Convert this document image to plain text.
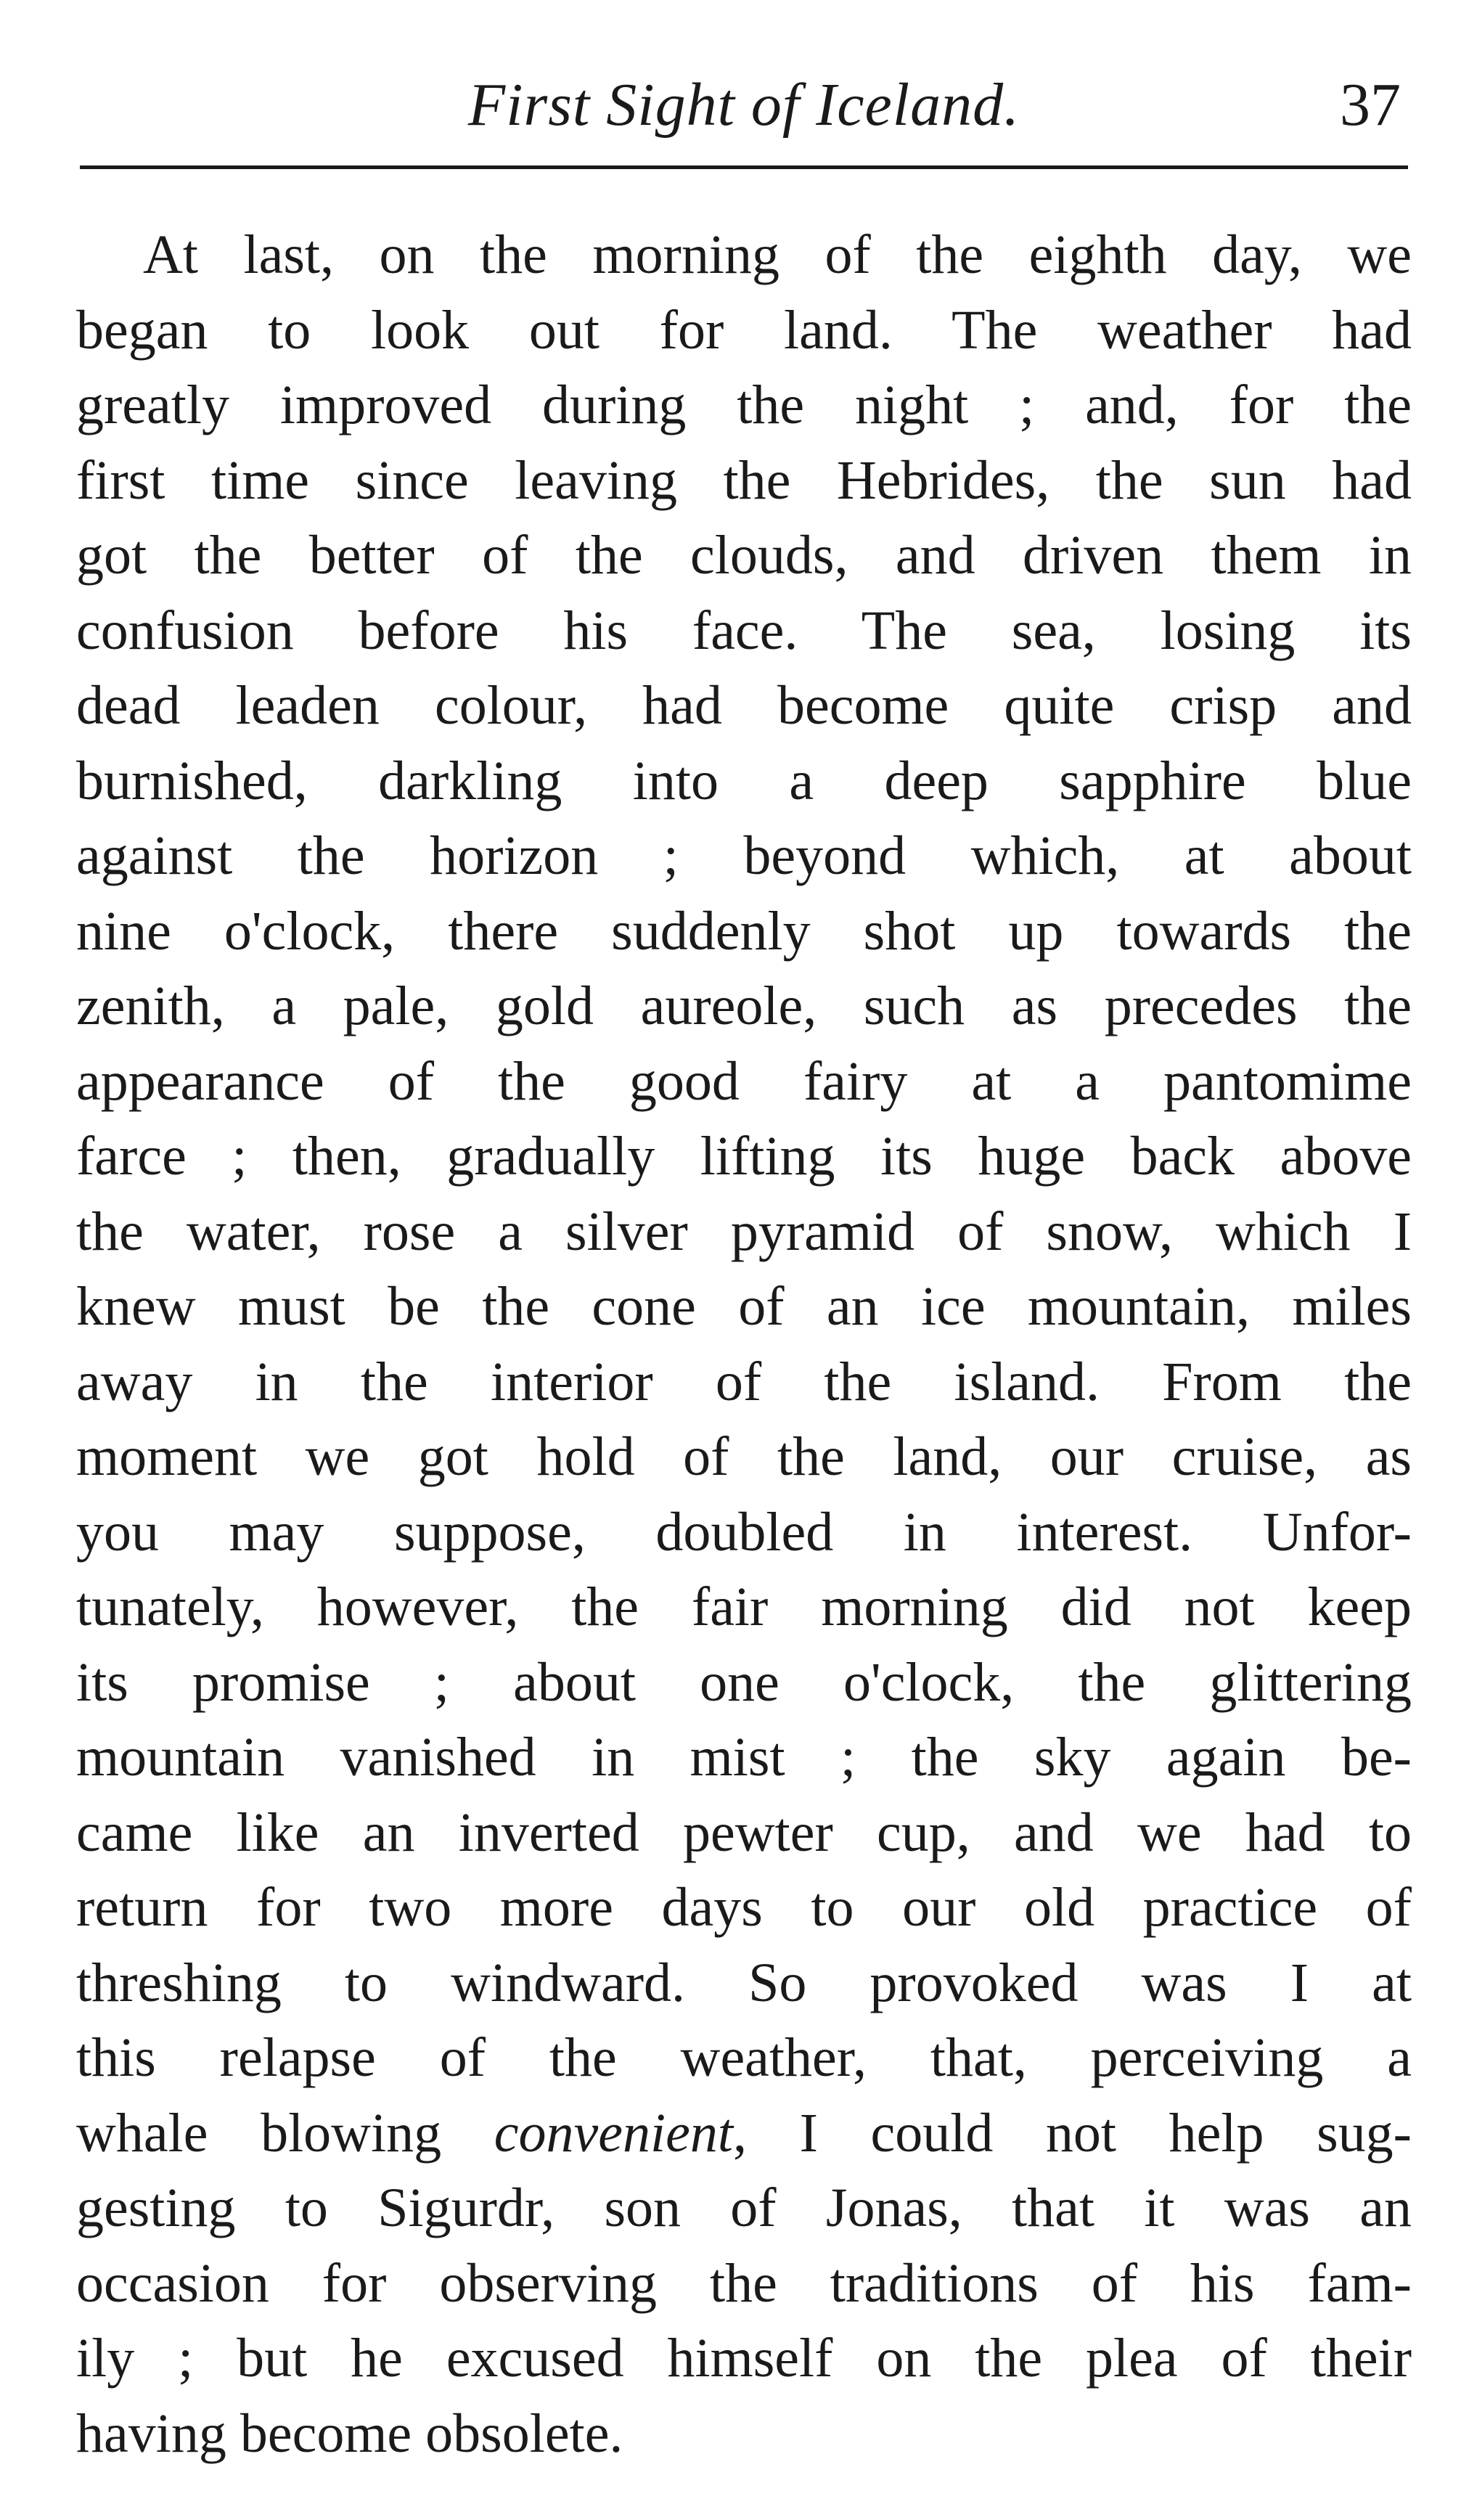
First Sight of Iceland.	37
At last, on the morning of the eighth day, we
began to look out for land. The weather had
greatly improved during the night ; and, for the
first time since leaving the Hebrides, the sun had
got the better of the clouds, and driven them in
confusion before his face. The sea, losing its
dead leaden colour, had become quite crisp and
burnished, darkling into a deep sapphire blue
against the horizon ; beyond which, at about
nine o'clock, there suddenly shot up towards the
zenith, a pale, gold aureole, such as precedes the
appearance of the good fairy at a pantomime
farce ; then, gradually lifting its huge back above
the water, rose a silver pyramid of snow, which I
knew must be the cone of an ice mountain, miles
away in the interior of the island. From the
moment we got hold of the land, our cruise, as
you may suppose, doubled in interest. Unfor-
tunately, however, the fair morning did not keep
its promise ; about one o'clock, the glittering
mountain vanished in mist ; the sky again be-
came like an inverted pewter cup, and we had to
return for two more days to our old practice of
threshing to windward. So provoked was I at
this relapse of the weather, that, perceiving a
whale blowing convenient, I could not help sug-
gesting to Sigurdr, son of Jonas, that it was an
occasion for observing the traditions of his fam-
ily ; but he excused himself on the plea of their
having become obsolete.
